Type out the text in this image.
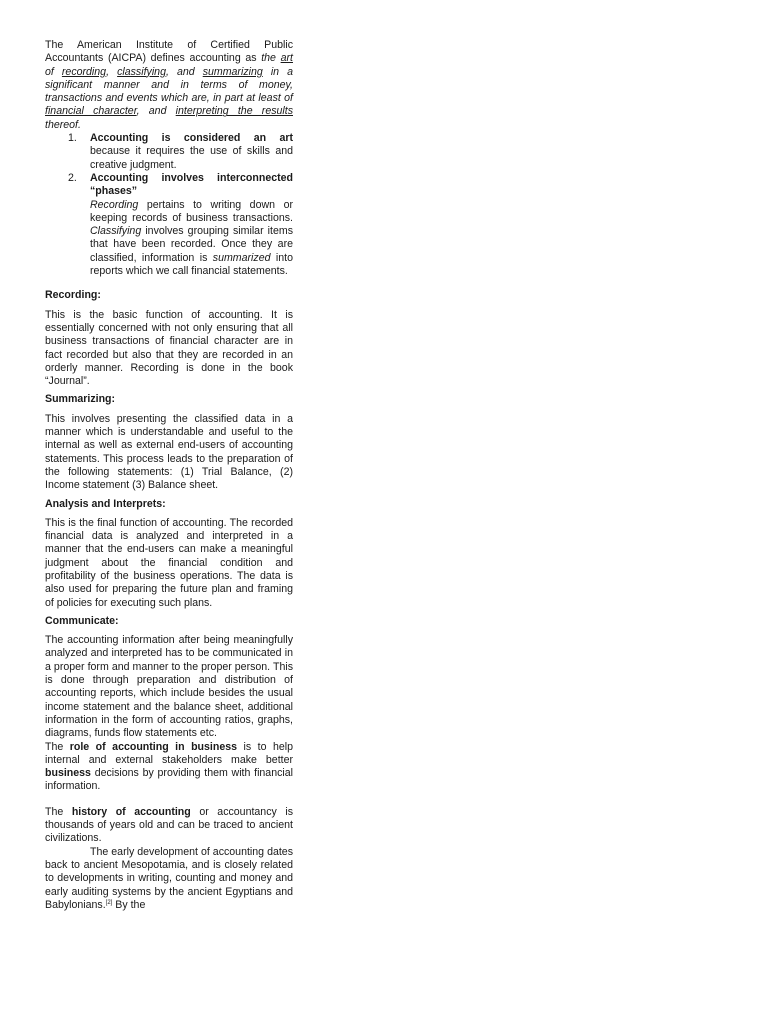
The American Institute of Certified Public Accountants (AICPA) defines accounting as the art of recording, classifying, and summarizing in a significant manner and in terms of money, transactions and events which are, in part at least of financial character, and interpreting the results thereof.

1. Accounting is considered an art because it requires the use of skills and creative judgment.

2. Accounting involves interconnected “phases”

Recording pertains to writing down or keeping records of business transactions. Classifying involves grouping similar items that have been recorded. Once they are classified, information is summarized into reports which we call financial statements.

Recording:

This is the basic function of accounting. It is essentially concerned with not only ensuring that all business transactions of financial character are in fact recorded but also that they are recorded in an orderly manner. Recording is done in the book “Journal”.

Summarizing:

This involves presenting the classified data in a manner which is understandable and useful to the internal as well as external end-users of accounting statements. This process leads to the preparation of the following statements: (1) Trial Balance, (2) Income statement (3) Balance sheet.

Analysis and Interprets:

This is the final function of accounting. The recorded financial data is analyzed and interpreted in a manner that the end-users can make a meaningful judgment about the financial condition and profitability of the business operations. The data is also used for preparing the future plan and framing of policies for executing such plans.

Communicate:

The accounting information after being meaningfully analyzed and interpreted has to be communicated in a proper form and manner to the proper person. This is done through preparation and distribution of accounting reports, which include besides the usual income statement and the balance sheet, additional information in the form of accounting ratios, graphs, diagrams, funds flow statements etc.

The role of accounting in business is to help internal and external stakeholders make better business decisions by providing them with financial information.

The history of accounting or accountancy is thousands of years old and can be traced to ancient civilizations.

The early development of accounting dates back to ancient Mesopotamia, and is closely related to developments in writing, counting and money and early auditing systems by the ancient Egyptians and Babylonians.[2] By the
